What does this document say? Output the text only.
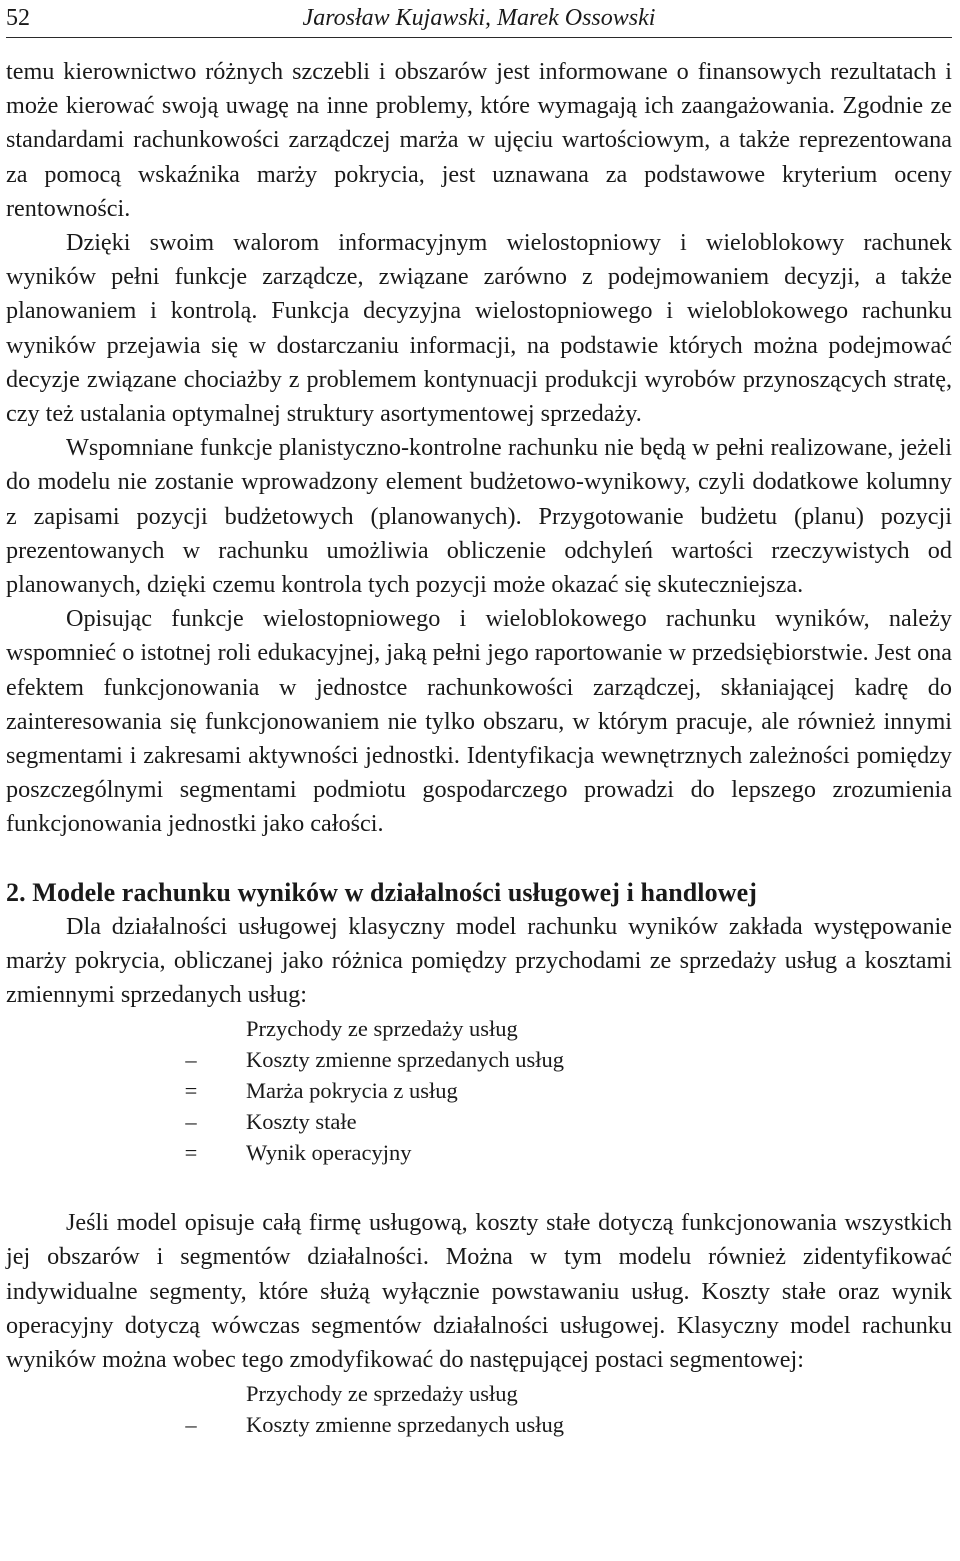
52	Jarosław Kujawski, Marek Ossowski

temu kierownictwo różnych szczebli i obszarów jest informowane o finansowych rezultatach i może kierować swoją uwagę na inne problemy, które wymagają ich zaangażowania. Zgodnie ze standardami rachunkowości zarządczej marża w ujęciu wartościowym, a także reprezentowana za pomocą wskaźnika marży pokrycia, jest uznawana za podstawowe kryterium oceny rentowności.

Dzięki swoim walorom informacyjnym wielostopniowy i wieloblokowy rachunek wyników pełni funkcje zarządcze, związane zarówno z podejmowaniem decyzji, a także planowaniem i kontrolą. Funkcja decyzyjna wielostopniowego i wieloblokowego rachunku wyników przejawia się w dostarczaniu informacji, na podstawie których można podejmować decyzje związane chociażby z problemem kontynuacji produkcji wyrobów przynoszących stratę, czy też ustalania optymalnej struktury asortymentowej sprzedaży.

Wspomniane funkcje planistyczno-kontrolne rachunku nie będą w pełni realizowane, jeżeli do modelu nie zostanie wprowadzony element budżetowo-wynikowy, czyli dodatkowe kolumny z zapisami pozycji budżetowych (planowanych). Przygotowanie budżetu (planu) pozycji prezentowanych w rachunku umożliwia obliczenie odchyleń wartości rzeczywistych od planowanych, dzięki czemu kontrola tych pozycji może okazać się skuteczniejsza.

Opisując funkcje wielostopniowego i wieloblokowego rachunku wyników, należy wspomnieć o istotnej roli edukacyjnej, jaką pełni jego raportowanie w przedsiębiorstwie. Jest ona efektem funkcjonowania w jednostce rachunkowości zarządczej, skłaniającej kadrę do zainteresowania się funkcjonowaniem nie tylko obszaru, w którym pracuje, ale również innymi segmentami i zakresami aktywności jednostki. Identyfikacja wewnętrznych zależności pomiędzy poszczególnymi segmentami podmiotu gospodarczego prowadzi do lepszego zrozumienia funkcjonowania jednostki jako całości.

2. Modele rachunku wyników w działalności usługowej i handlowej

Dla działalności usługowej klasyczny model rachunku wyników zakłada występowanie marży pokrycia, obliczanej jako różnica pomiędzy przychodami ze sprzedaży usług a kosztami zmiennymi sprzedanych usług:

Przychody ze sprzedaży usług
–	Koszty zmienne sprzedanych usług
=	Marża pokrycia z usług
–	Koszty stałe
=	Wynik operacyjny

Jeśli model opisuje całą firmę usługową, koszty stałe dotyczą funkcjonowania wszystkich jej obszarów i segmentów działalności. Można w tym modelu również zidentyfikować indywidualne segmenty, które służą wyłącznie powstawaniu usług. Koszty stałe oraz wynik operacyjny dotyczą wówczas segmentów działalności usługowej. Klasyczny model rachunku wyników można wobec tego zmodyfikować do następującej postaci segmentowej:

Przychody ze sprzedaży usług
–	Koszty zmienne sprzedanych usług
